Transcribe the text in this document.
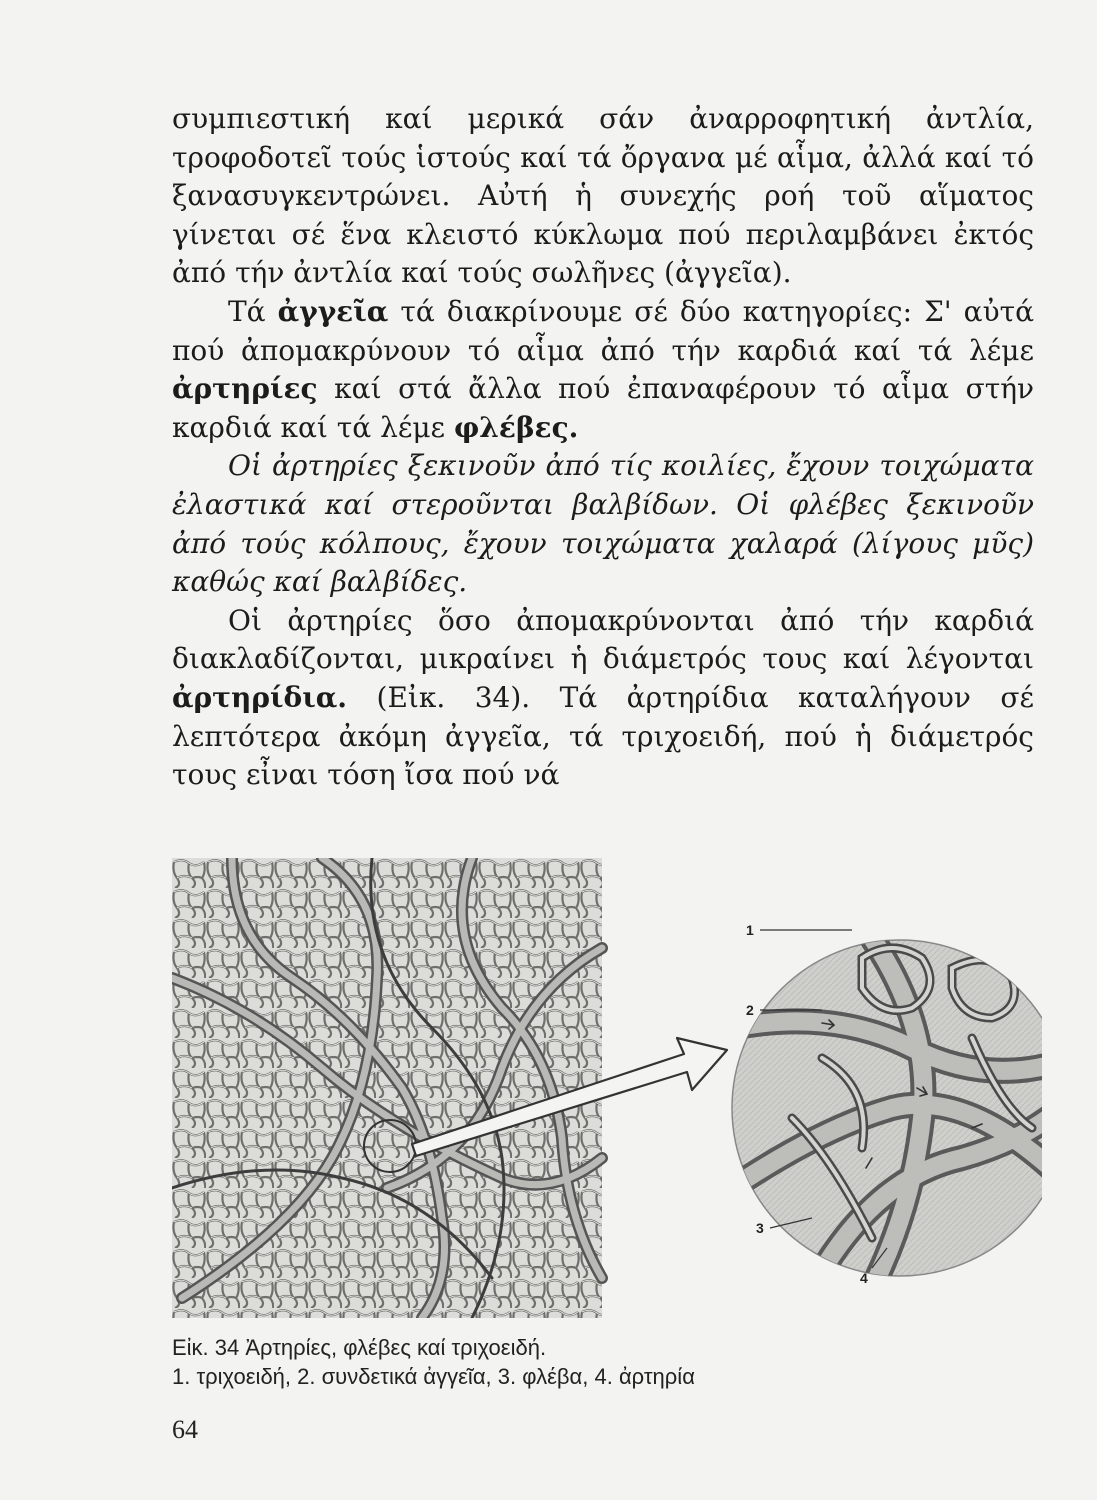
συμπιεστική καί μερικά σάν ἀναρροφητική ἀντλία, τροφοδοτεῖ τούς ἱστούς καί τά ὄργανα μέ αἷμα, ἀλλά καί τό ξανασυγκεντρώνει. Αὐτή ἡ συνεχής ροή τοῦ αἵματος γίνεται σέ ἕνα κλειστό κύκλωμα πού περιλαμβάνει ἐκτός ἀπό τήν ἀντλία καί τούς σωλῆνες (ἀγγεῖα).

Τά ἀγγεῖα τά διακρίνουμε σέ δύο κατηγορίες: Σ' αὐτά πού ἀπομακρύνουν τό αἷμα ἀπό τήν καρδιά καί τά λέμε ἀρτηρίες καί στά ἄλλα πού ἐπαναφέρουν τό αἷμα στήν καρδιά καί τά λέμε φλέβες.

Οἱ ἀρτηρίες ξεκινοῦν ἀπό τίς κοιλίες, ἔχουν τοιχώματα ἐλαστικά καί στεροῦνται βαλβίδων. Οἱ φλέβες ξεκινοῦν ἀπό τούς κόλπους, ἔχουν τοιχώματα χαλαρά (λίγους μῦς) καθώς καί βαλβίδες.

Οἱ ἀρτηρίες ὅσο ἀπομακρύνονται ἀπό τήν καρδιά διακλαδίζονται, μικραίνει ἡ διάμετρός τους καί λέγονται ἀρτηρίδια. (Εἰκ. 34). Τά ἀρτηρίδια καταλήγουν σέ λεπτότερα ἀκόμη ἀγγεῖα, τά τριχοειδή, πού ἡ διάμετρός τους εἶναι τόση ἴσα πού νά

1
2
3
4
Εἰκ. 34 Ἀρτηρίες, φλέβες καί τριχοειδή.
1. τριχοειδή, 2. συνδετικά ἀγγεῖα, 3. φλέβα, 4. ἀρτηρία
64
